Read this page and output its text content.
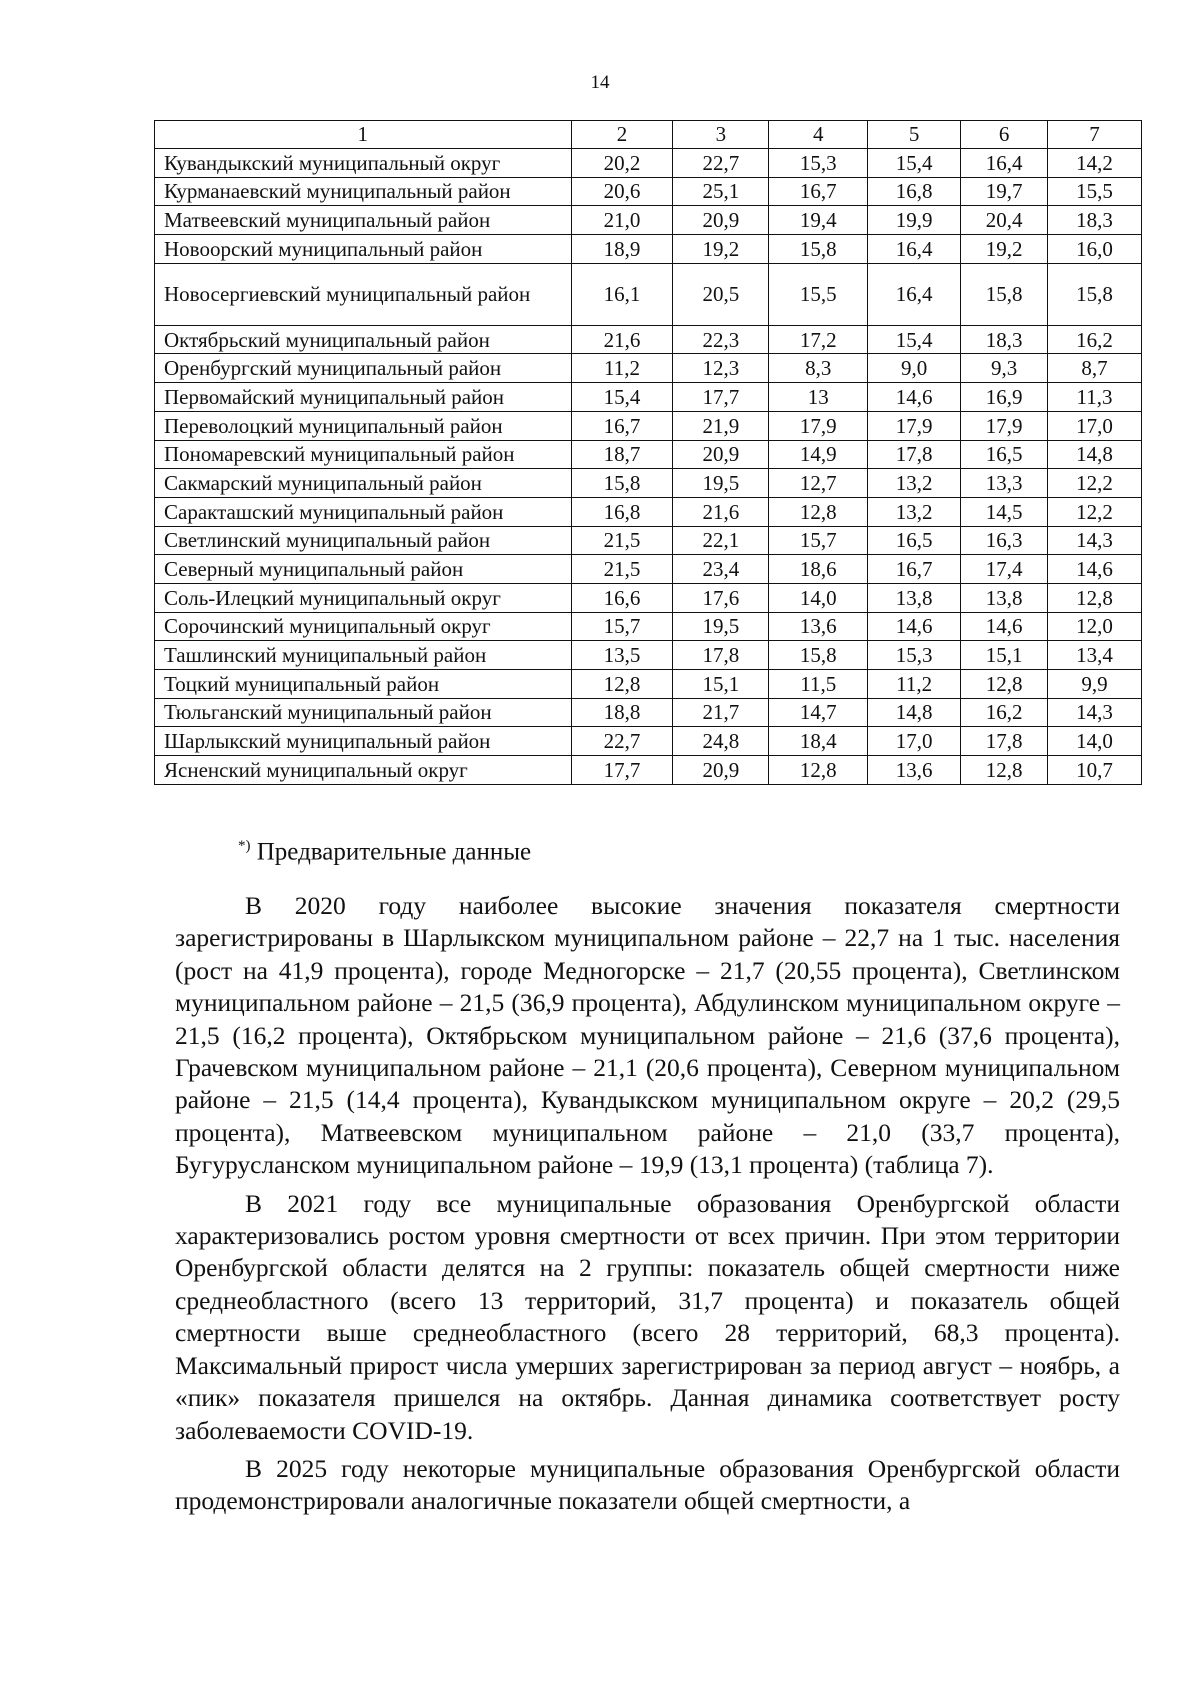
14
1	2	3	4	5	6	7
Кувандыкский муниципальный округ	20,2	22,7	15,3	15,4	16,4	14,2
Курманаевский муниципальный район	20,6	25,1	16,7	16,8	19,7	15,5
Матвеевский муниципальный район	21,0	20,9	19,4	19,9	20,4	18,3
Новоорский муниципальный район	18,9	19,2	15,8	16,4	19,2	16,0
Новосергиевский муниципальный район	16,1	20,5	15,5	16,4	15,8	15,8
Октябрьский муниципальный район	21,6	22,3	17,2	15,4	18,3	16,2
Оренбургский муниципальный район	11,2	12,3	8,3	9,0	9,3	8,7
Первомайский муниципальный район	15,4	17,7	13	14,6	16,9	11,3
Переволоцкий муниципальный район	16,7	21,9	17,9	17,9	17,9	17,0
Пономаревский муниципальный район	18,7	20,9	14,9	17,8	16,5	14,8
Сакмарский муниципальный район	15,8	19,5	12,7	13,2	13,3	12,2
Саракташский муниципальный район	16,8	21,6	12,8	13,2	14,5	12,2
Светлинский муниципальный район	21,5	22,1	15,7	16,5	16,3	14,3
Северный муниципальный район	21,5	23,4	18,6	16,7	17,4	14,6
Соль-Илецкий муниципальный округ	16,6	17,6	14,0	13,8	13,8	12,8
Сорочинский муниципальный округ	15,7	19,5	13,6	14,6	14,6	12,0
Ташлинский муниципальный район	13,5	17,8	15,8	15,3	15,1	13,4
Тоцкий муниципальный район	12,8	15,1	11,5	11,2	12,8	9,9
Тюльганский муниципальный район	18,8	21,7	14,7	14,8	16,2	14,3
Шарлыкский муниципальный район	22,7	24,8	18,4	17,0	17,8	14,0
Ясненский муниципальный округ	17,7	20,9	12,8	13,6	12,8	10,7
*) Предварительные данные

В 2020 году наиболее высокие значения показателя смертности зарегистрированы в Шарлыкском муниципальном районе – 22,7 на 1 тыс. населения (рост на 41,9 процента), городе Медногорске – 21,7 (20,55 процента), Светлинском муниципальном районе – 21,5 (36,9 процента), Абдулинском муниципальном округе – 21,5 (16,2 процента), Октябрьском муниципальном районе – 21,6 (37,6 процента), Грачевском муниципальном районе – 21,1 (20,6 процента), Северном муниципальном районе – 21,5 (14,4 процента), Кувандыкском муниципальном округе – 20,2 (29,5 процента), Матвеевском муниципальном районе – 21,0 (33,7 процента), Бугурусланском муниципальном районе – 19,9 (13,1 процента) (таблица 7).

В 2021 году все муниципальные образования Оренбургской области характеризовались ростом уровня смертности от всех причин. При этом территории Оренбургской области делятся на 2 группы: показатель общей смертности ниже среднеобластного (всего 13 территорий, 31,7 процента) и показатель общей смертности выше среднеобластного (всего 28 территорий, 68,3 процента). Максимальный прирост числа умерших зарегистрирован за период август – ноябрь, а «пик» показателя пришелся на октябрь. Данная динамика соответствует росту заболеваемости COVID-19.

В 2025 году некоторые муниципальные образования Оренбургской области продемонстрировали аналогичные показатели общей смертности, а
